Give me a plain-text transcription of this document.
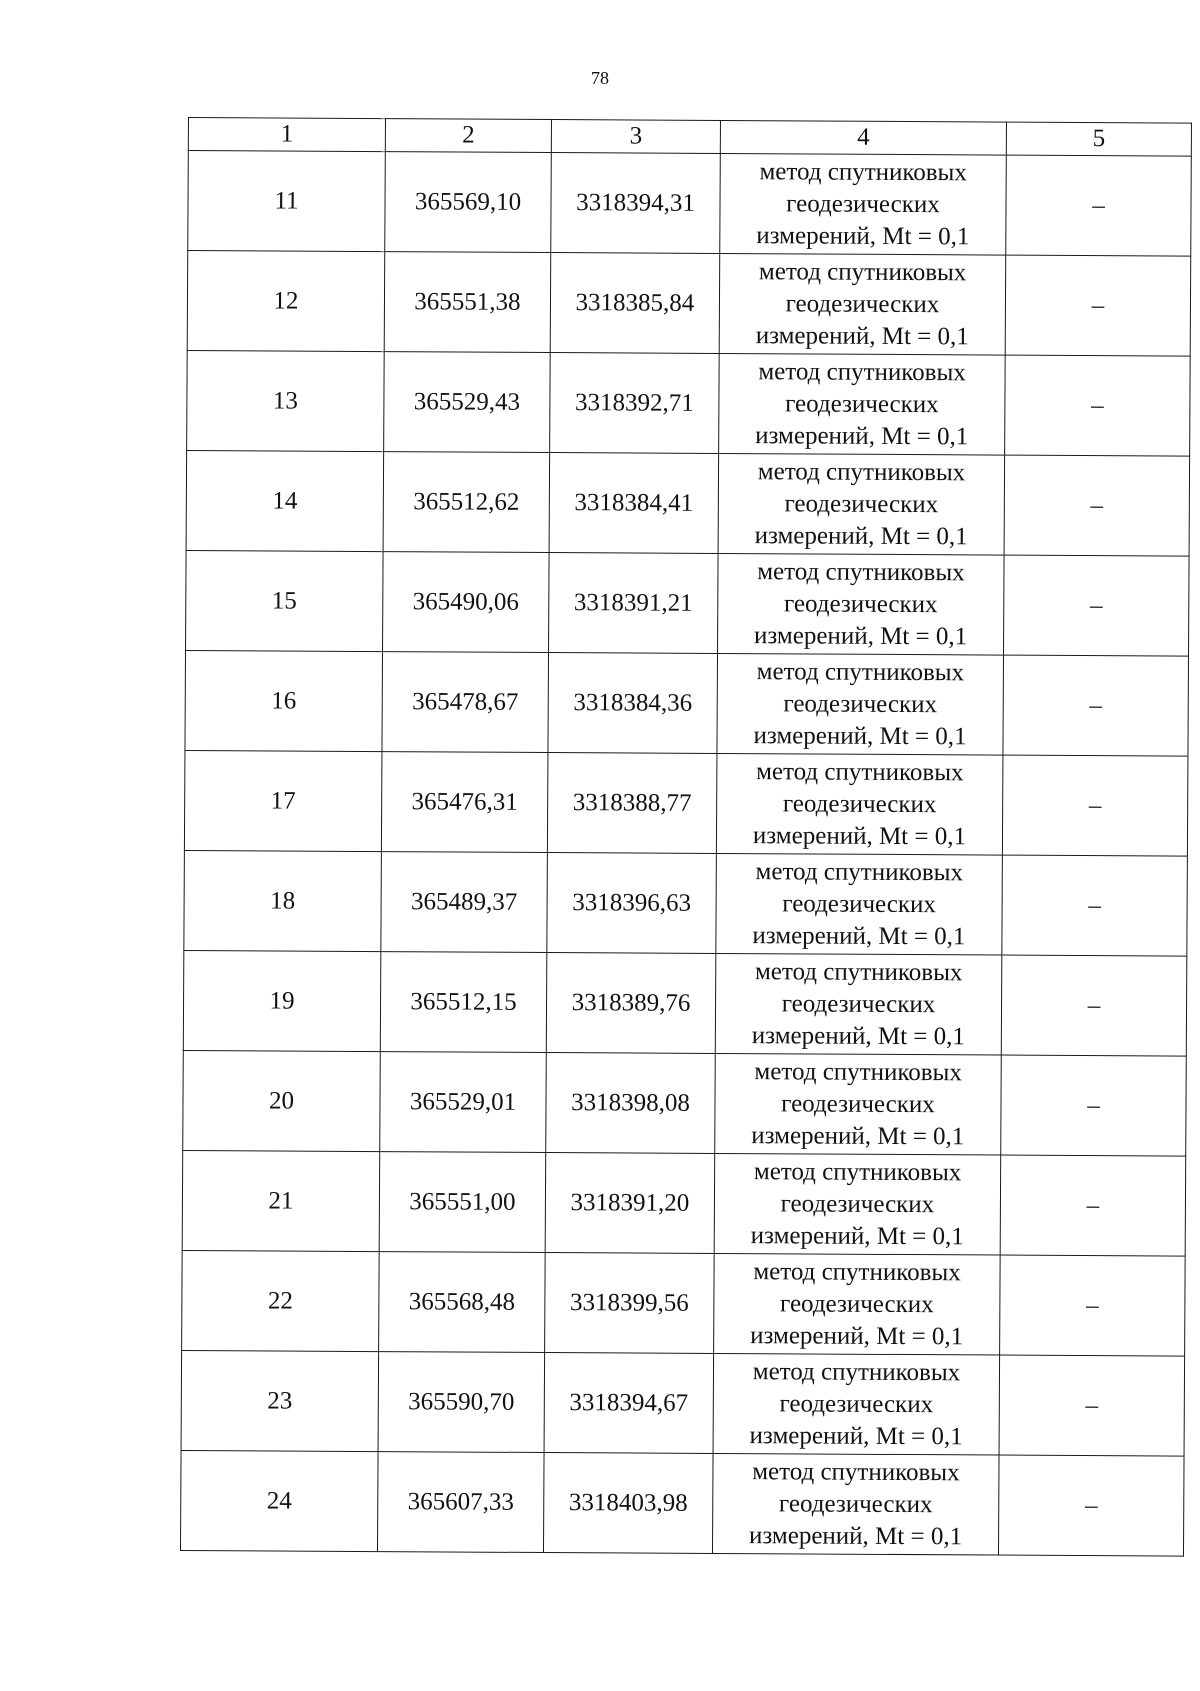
78
1	2	3	4	5
11	365569,10	3318394,31	метод спутниковых
геодезических
измерений, Mt = 0,1	–
12	365551,38	3318385,84	метод спутниковых
геодезических
измерений, Mt = 0,1	–
13	365529,43	3318392,71	метод спутниковых
геодезических
измерений, Mt = 0,1	–
14	365512,62	3318384,41	метод спутниковых
геодезических
измерений, Mt = 0,1	–
15	365490,06	3318391,21	метод спутниковых
геодезических
измерений, Mt = 0,1	–
16	365478,67	3318384,36	метод спутниковых
геодезических
измерений, Mt = 0,1	–
17	365476,31	3318388,77	метод спутниковых
геодезических
измерений, Mt = 0,1	–
18	365489,37	3318396,63	метод спутниковых
геодезических
измерений, Mt = 0,1	–
19	365512,15	3318389,76	метод спутниковых
геодезических
измерений, Mt = 0,1	–
20	365529,01	3318398,08	метод спутниковых
геодезических
измерений, Mt = 0,1	–
21	365551,00	3318391,20	метод спутниковых
геодезических
измерений, Mt = 0,1	–
22	365568,48	3318399,56	метод спутниковых
геодезических
измерений, Mt = 0,1	–
23	365590,70	3318394,67	метод спутниковых
геодезических
измерений, Mt = 0,1	–
24	365607,33	3318403,98	метод спутниковых
геодезических
измерений, Mt = 0,1	–
